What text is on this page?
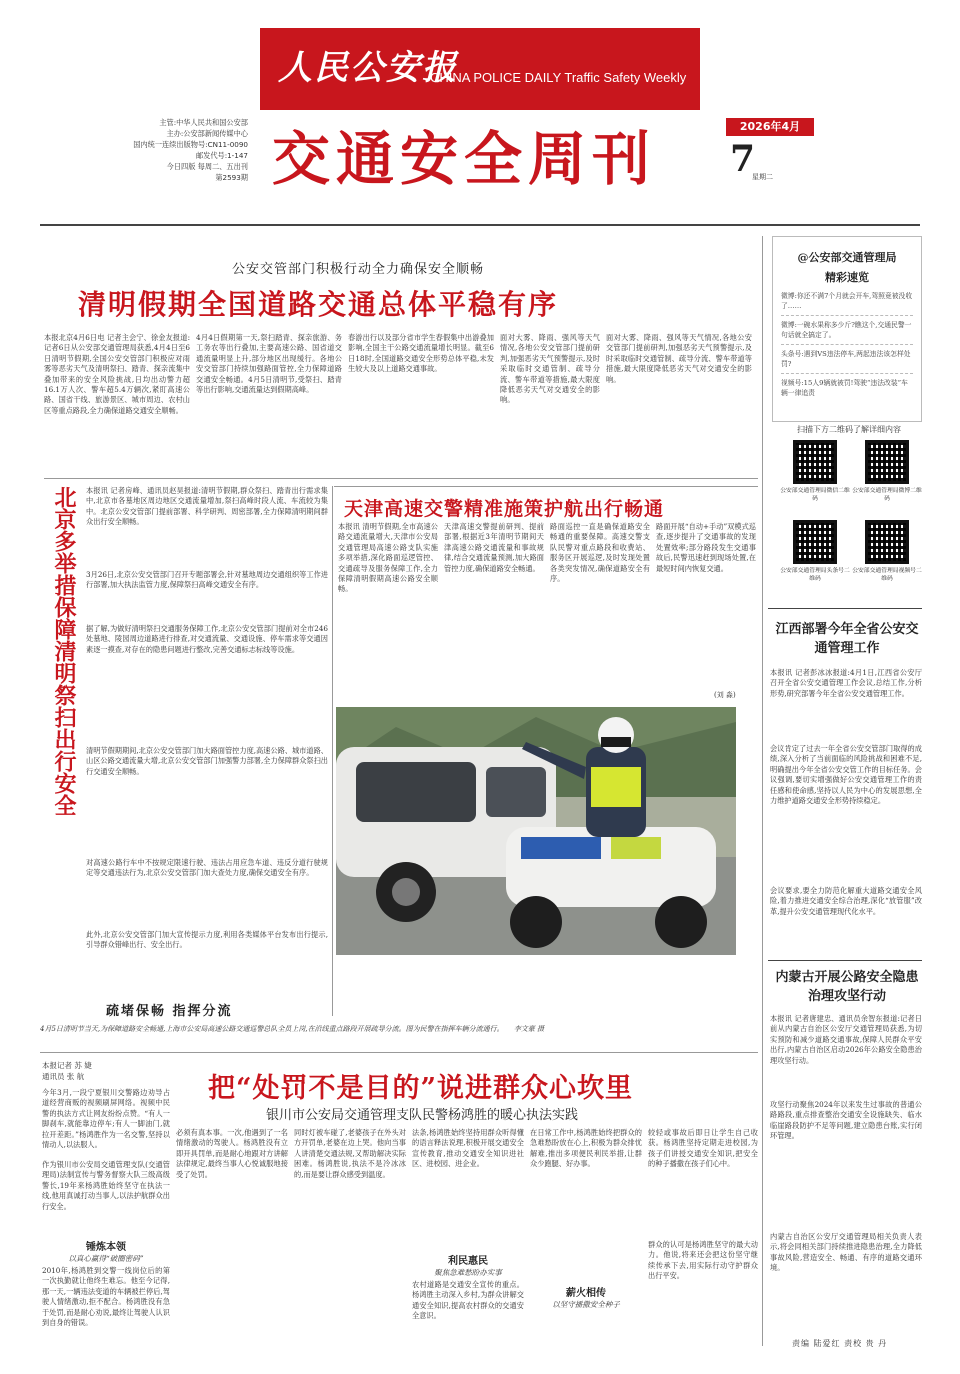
人民公安报
CHINA POLICE DAILY Traffic Safety Weekly
主管:中华人民共和国公安部
主办:公安部新闻传媒中心
国内统一连续出版物号:CN11-0090
邮发代号:1-147
今日四版 每周二、五出刊
第2593期 交通安全周刊	2026年4月
7
星期二
公安交管部门积极行动全力确保安全顺畅
清明假期全国道路交通总体平稳有序
本报北京4月6日电 记者主会宁、徐金友报道:记者6日从公安部交通管理局获悉,4月4日至6日清明节假期,全国公安交管部门积极应对雨雾等恶劣天气及清明祭扫、踏青、探亲流集中叠加带来的安全风险挑战,日均出动警力超16.1万人次、警车超5.4万辆次,紧盯高速公路、国省干线、旅游景区、城市周边、农村山区等重点路段,全力确保道路交通安全顺畅。
4月4日假期第一天,祭扫踏青、探亲旅游、务工务农等出行叠加,主要高速公路、国省道交通流量明显上升,部分地区出现缓行。各地公安交管部门持续加强路面管控,全力保障道路交通安全畅通。4月5日清明节,受祭扫、踏青等出行影响,交通流量达到假期高峰。
春游出行以及部分省市学生春假集中出游叠加影响,全国主干公路交通流量增长明显。截至6日18时,全国道路交通安全形势总体平稳,未发生较大及以上道路交通事故。
面对大雾、降雨、强风等天气情况,各地公安交管部门提前研判,加强恶劣天气预警提示,及时采取临时交通管制、疏导分流、警车带道等措施,最大限度降低恶劣天气对交通安全的影响。
面对大雾、降雨、强风等天气情况,各地公安交管部门提前研判,加强恶劣天气预警提示,及时采取临时交通管制、疏导分流、警车带道等措施,最大限度降低恶劣天气对交通安全的影响。
北京多举措保障清明祭扫出行安全 本报讯 记者房峰、通讯员赵昊报道:清明节假期,群众祭扫、踏青出行需求集中,北京市各墓地区周边地区交通流量增加,祭扫高峰时段人流、车流较为集中。北京公安交管部门提前部署、科学研判、周密部署,全力保障清明期间群众出行安全顺畅。
3月26日,北京公安交管部门召开专题部署会,针对墓地周边交通组织等工作进行部署,加大执法监管力度,保障祭扫高峰交通安全有序。
据了解,为做好清明祭扫交通服务保障工作,北京公安交管部门提前对全市246处墓地、陵园周边道路进行排查,对交通流量、交通设施、停车需求等交通因素逐一摸查,对存在的隐患问题进行整改,完善交通标志标线等设施。
清明节假期期间,北京公安交管部门加大路面管控力度,高速公路、城市道路、山区公路交通流量大增,北京公安交管部门加强警力部署,全力保障群众祭扫出行交通安全顺畅。
对高速公路行车中不按规定限速行驶、违法占用应急车道、违反分道行驶规定等交通违法行为,北京公安交管部门加大查处力度,确保交通安全有序。
此外,北京公安交管部门加大宣传提示力度,利用各类媒体平台发布出行提示,引导群众错峰出行、安全出行。
疏堵保畅 指挥分流
4月5日清明节当天,为保障道路安全畅通,上海市公安局高速公路交通巡警总队全员上岗,在沿线重点路段开展疏导分流。图为民警在指挥车辆分流通行。 李文豪 摄
天津高速交警精准施策护航出行畅通
本报讯 清明节假期,全市高速公路交通流量增大,天津市公安局交通管理局高速公路支队实施多项举措,深化路面巡逻管控、交通疏导及服务保障工作,全力保障清明假期高速公路安全顺畅。
天津高速交警提前研判、提前部署,根据近3年清明节期间天津高速公路交通流量和事故规律,结合交通流量预测,加大路面管控力度,确保道路安全畅通。
路面巡控一直是确保道路安全畅通的重要保障。高速交警支队民警对重点路段和收费站、服务区开展巡逻,及时发现处置各类突发情况,确保道路安全有序。
路面开展“自动+手动”双模式巡查,逐步提升了交通事故的发现处置效率;部分路段发生交通事故后,民警迅速赶到现场处置,在最短时间内恢复交通。
(刘 淼)
本报记者 苏 婕
通讯员 张 航	把“处罚不是目的”说进群众心坎里
银川市公安局交通管理支队民警杨鸿胜的暖心执法实践
今年3月,一段宁夏银川交警路边劝导占道经营商贩的视频刷屏网络。视频中民警的执法方式让网友纷纷点赞。“有人一脚刹车,就能靠边停车;有人一脚油门,就拉开差距。”杨鸿胜作为一名交警,坚持以情动人,以法服人。
作为银川市公安局交通管理支队(交通管理局)法制宣传与警务督察大队三级高级警长,19年来杨鸿胜始终坚守在执法一线,他用真诚打动当事人,以法护航群众出行安全。
锤炼本领
以真心赢得“破圈密码”
2010年,杨鸿胜到交警一线岗位后的第一次执勤就让他终生难忘。他至今记得,那一天,一辆违法变道的车辆被拦停后,驾驶人情绪激动,拒不配合。杨鸿胜没有急于处罚,而是耐心劝说,最终让驾驶人认识到自身的错误。
必须有真本事。一次,他遇到了一名情绪激动的驾驶人。杨鸿胜没有立即开具罚单,而是耐心地跟对方讲解法律规定,最终当事人心悦诚服地接受了处罚。
同时灯被车碰了,老婆孩子在外头对方开罚单,老婆在边上哭。他向当事人讲清楚交通法规,又帮助解决实际困难。杨鸿胜说,执法不是冷冰冰的,而是要让群众感受到温度。
法条,杨鸿胜始终坚持用群众听得懂的语言释法说理,积极开展交通安全宣传教育,推动交通安全知识进社区、进校园、进企业。
利民惠民
聚焦急难愁盼办实事
农村道路是交通安全宣传的重点。杨鸿胜主动深入乡村,为群众讲解交通安全知识,提高农村群众的交通安全意识。
在日常工作中,杨鸿胜始终把群众的急难愁盼放在心上,积极为群众排忧解难,推出多项便民利民举措,让群众少跑腿、好办事。
薪火相传
以坚守播撒安全种子
较轻或事故后即日让学生自己收获。杨鸿胜坚持定期走进校园,为孩子们讲授交通安全知识,把安全的种子播撒在孩子们心中。
群众的认可是杨鸿胜坚守的最大动力。他说,将来还会把这份坚守继续传承下去,用实际行动守护群众出行平安。
@公安部交通管理局
精彩速览
微博:你还不满7个月就会开车,驾照竟被没收了……
微博:一碗水果称多少斤?瞧这个,交通民警一句话就全搞定了。
头条号:遇到VS违法停车,两起违法该怎样处罚?
视频号:15人9辆就被罚!驾驶“违法改装”车辆一律追责
扫描下方二维码了解详细内容
公安部交通管理局微信二维码
公安部交通管理局微博二维码
公安部交通管理局头条号二维码
公安部交通管理局视频号二维码
江西部署今年全省公安交通管理工作
本报讯 记者彭冰冰报道:4月1日,江西省公安厅召开全省公安交通管理工作会议,总结工作,分析形势,研究部署今年全省公安交通管理工作。
会议肯定了过去一年全省公安交管部门取得的成绩,深入分析了当前面临的风险挑战和困难不足,明确提出今年全省公安交管工作的目标任务。会议强调,要切实增强做好公安交通管理工作的责任感和使命感,坚持以人民为中心的发展思想,全力维护道路交通安全形势持续稳定。
会议要求,要全力防范化解重大道路交通安全风险,着力推进交通安全综合治理,深化“放管服”改革,提升公安交通管理现代化水平。
内蒙古开展公路安全隐患治理攻坚行动
本报讯 记者唐建忠、通讯员余智东报道:记者日前从内蒙古自治区公安厅交通管理局获悉,为切实预防和减少道路交通事故,保障人民群众平安出行,内蒙古自治区启动2026年公路安全隐患治理攻坚行动。
攻坚行动聚焦2024年以来发生过事故的普通公路路段,重点排查整治交通安全设施缺失、临水临崖路段防护不足等问题,建立隐患台账,实行闭环管理。
内蒙古自治区公安厅交通管理局相关负责人表示,将会同相关部门持续推进隐患治理,全力降低事故风险,营造安全、畅通、有序的道路交通环境。
责编 陆爱红 责校 贵 丹
